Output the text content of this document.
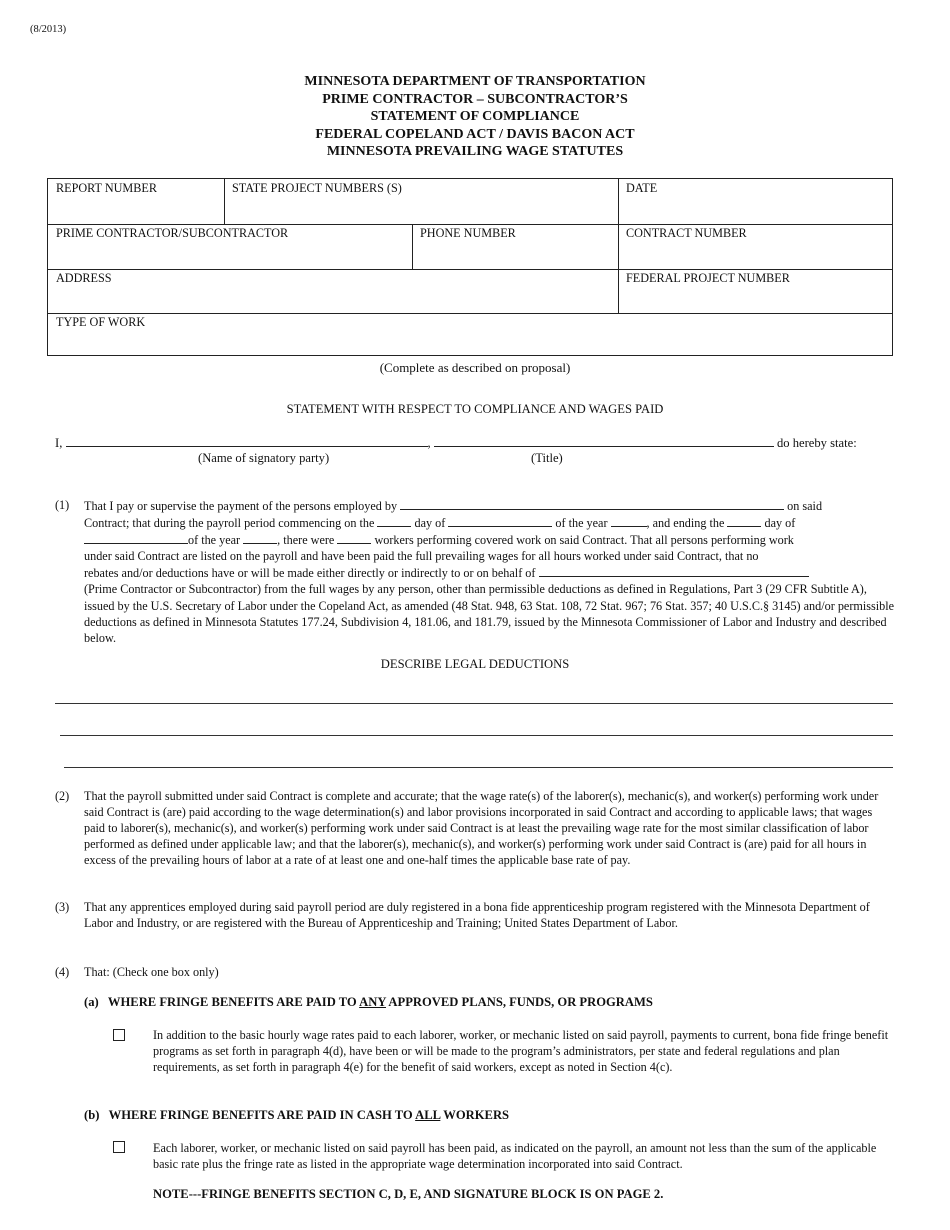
(8/2013)
MINNESOTA DEPARTMENT OF TRANSPORTATION
PRIME CONTRACTOR – SUBCONTRACTOR’S
STATEMENT OF COMPLIANCE
FEDERAL COPELAND ACT / DAVIS BACON ACT
MINNESOTA PREVAILING WAGE STATUTES
REPORT NUMBER	STATE PROJECT NUMBERS (S)	DATE
PRIME CONTRACTOR/SUBCONTRACTOR	PHONE NUMBER	CONTRACT NUMBER
ADDRESS	FEDERAL PROJECT NUMBER
TYPE OF WORK
(Complete as described on proposal)
STATEMENT WITH RESPECT TO COMPLIANCE AND WAGES PAID
I,	,	do hereby state:
(Name of signatory party)	(Title)
(1) That I pay or supervise the payment of the persons employed by	on said
Contract; that during the payroll period commencing on the	day of	of the year	, and ending the	day of
of the year	, there were	workers performing covered work on said Contract. That all persons performing work
under said Contract are listed on the payroll and have been paid the full prevailing wages for all hours worked under said Contract, that no
rebates and/or deductions have or will be made either directly or indirectly to or on behalf of
(Prime Contractor or Subcontractor) from the full wages by any person, other than permissible deductions as defined in Regulations, Part 3 (29 CFR Subtitle A), issued by the U.S. Secretary of Labor under the Copeland Act, as amended (48 Stat. 948, 63 Stat. 108, 72 Stat. 967; 76 Stat. 357; 40 U.S.C.§ 3145) and/or permissible deductions as defined in Minnesota Statutes 177.24, Subdivision 4, 181.06, and 181.79, issued by the Minnesota Commissioner of Labor and Industry and described below.
DESCRIBE LEGAL DEDUCTIONS
(2) That the payroll submitted under said Contract is complete and accurate; that the wage rate(s) of the laborer(s), mechanic(s), and worker(s) performing work under said Contract is (are) paid according to the wage determination(s) and labor provisions incorporated in said Contract and according to applicable laws; that wages paid to laborer(s), mechanic(s), and worker(s) performing work under said Contract is at least the prevailing wage rate for the most similar classification of labor performed as defined under applicable law; and that the laborer(s), mechanic(s), and worker(s) performing work under said Contract is (are) paid for all hours in excess of the prevailing hours of labor at a rate of at least one and one-half times the applicable base rate of pay.
(3) That any apprentices employed during said payroll period are duly registered in a bona fide apprenticeship program registered with the Minnesota Department of Labor and Industry, or are registered with the Bureau of Apprenticeship and Training; United States Department of Labor.
(4) That: (Check one box only)
(a)   WHERE FRINGE BENEFITS ARE PAID TO ANY APPROVED PLANS, FUNDS, OR PROGRAMS
In addition to the basic hourly wage rates paid to each laborer, worker, or mechanic listed on said payroll, payments to current, bona fide fringe benefit programs as set forth in paragraph 4(d), have been or will be made to the program’s administrators, per state and federal regulations and plan requirements, as set forth in paragraph 4(e) for the benefit of said workers, except as noted in Section 4(c).
(b)   WHERE FRINGE BENEFITS ARE PAID IN CASH TO ALL WORKERS
Each laborer, worker, or mechanic listed on said payroll has been paid, as indicated on the payroll, an amount not less than the sum of the applicable basic rate plus the fringe rate as listed in the appropriate wage determination incorporated into said Contract.
NOTE---FRINGE BENEFITS SECTION C, D, E, AND SIGNATURE BLOCK IS ON PAGE 2.
